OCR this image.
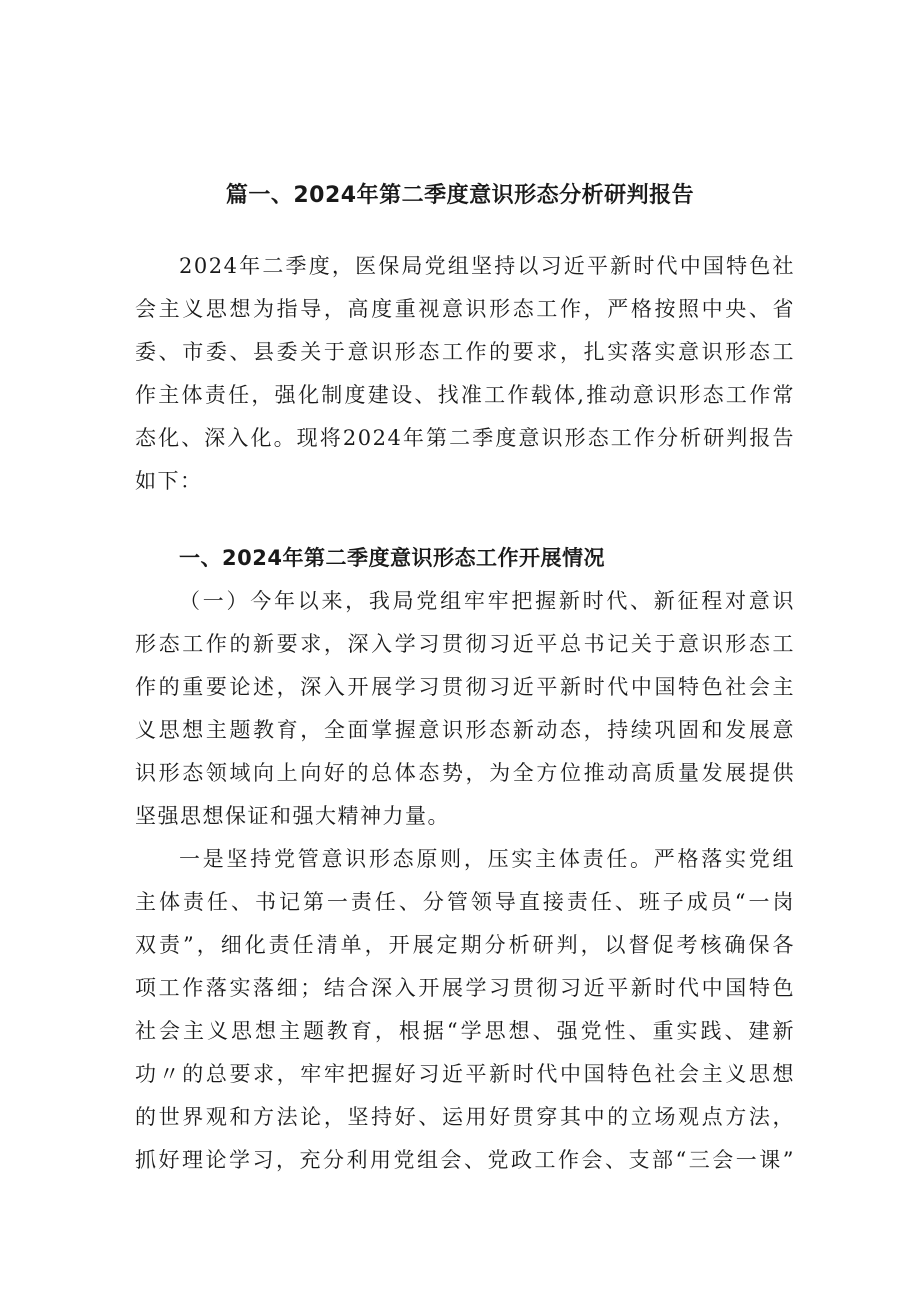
篇一、2024年第二季度意识形态分析研判报告
2024年二季度，医保局党组坚持以习近平新时代中国特色社
会主义思想为指导，高度重视意识形态工作，严格按照中央、省
委、市委、县委关于意识形态工作的要求，扎实落实意识形态工
作主体责任，强化制度建设、找准工作载体,推动意识形态工作常
态化、深入化。现将2024年第二季度意识形态工作分析研判报告
如下：
一、2024年第二季度意识形态工作开展情况
（一）今年以来，我局党组牢牢把握新时代、新征程对意识
形态工作的新要求，深入学习贯彻习近平总书记关于意识形态工
作的重要论述，深入开展学习贯彻习近平新时代中国特色社会主
义思想主题教育，全面掌握意识形态新动态，持续巩固和发展意
识形态领域向上向好的总体态势，为全方位推动高质量发展提供
坚强思想保证和强大精神力量。
一是坚持党管意识形态原则，压实主体责任。严格落实党组
主体责任、书记第一责任、分管领导直接责任、班子成员“一岗
双责”，细化责任清单，开展定期分析研判，以督促考核确保各
项工作落实落细；结合深入开展学习贯彻习近平新时代中国特色
社会主义思想主题教育，根据“学思想、强党性、重实践、建新
功〃的总要求，牢牢把握好习近平新时代中国特色社会主义思想
的世界观和方法论，坚持好、运用好贯穿其中的立场观点方法，
抓好理论学习，充分利用党组会、党政工作会、支部“三会一课”
